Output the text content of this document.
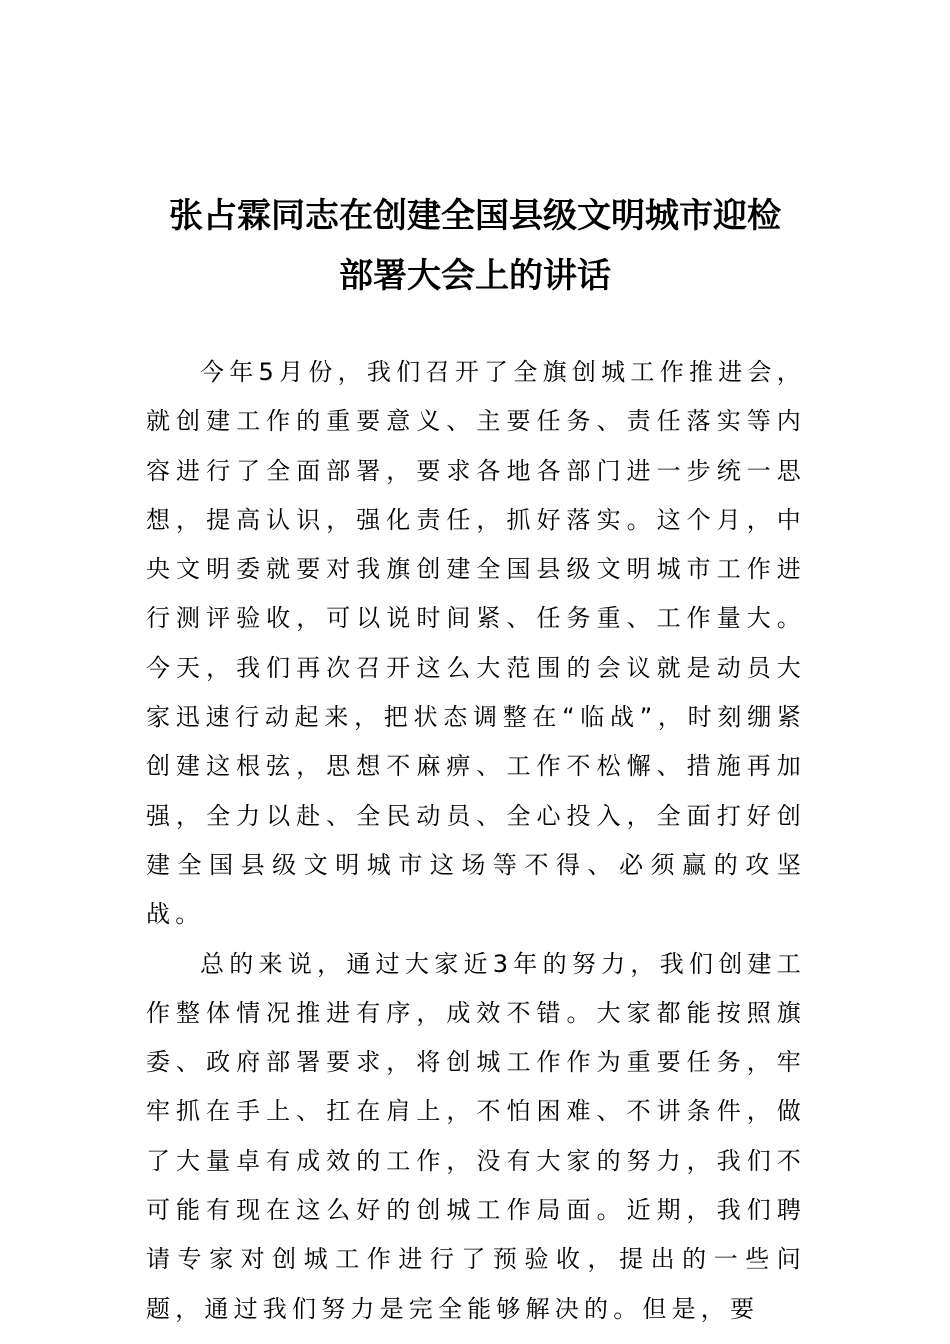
张占霖同志在创建全国县级文明城市迎检
部署大会上的讲话

今年5月份，我们召开了全旗创城工作推进会，就创建工作的重要意义、主要任务、责任落实等内容进行了全面部署，要求各地各部门进一步统一思想，提高认识，强化责任，抓好落实。这个月，中央文明委就要对我旗创建全国县级文明城市工作进行测评验收，可以说时间紧、任务重、工作量大。今天，我们再次召开这么大范围的会议就是动员大家迅速行动起来，把状态调整在“临战”，时刻绷紧创建这根弦，思想不麻痹、工作不松懈、措施再加强，全力以赴、全民动员、全心投入，全面打好创建全国县级文明城市这场等不得、必须赢的攻坚战。

总的来说，通过大家近3年的努力，我们创建工作整体情况推进有序，成效不错。大家都能按照旗委、政府部署要求，将创城工作作为重要任务，牢牢抓在手上、扛在肩上，不怕困难、不讲条件，做了大量卓有成效的工作，没有大家的努力，我们不可能有现在这么好的创城工作局面。近期，我们聘请专家对创城工作进行了预验收，提出的一些问题，通过我们努力是完全能够解决的。但是，要
